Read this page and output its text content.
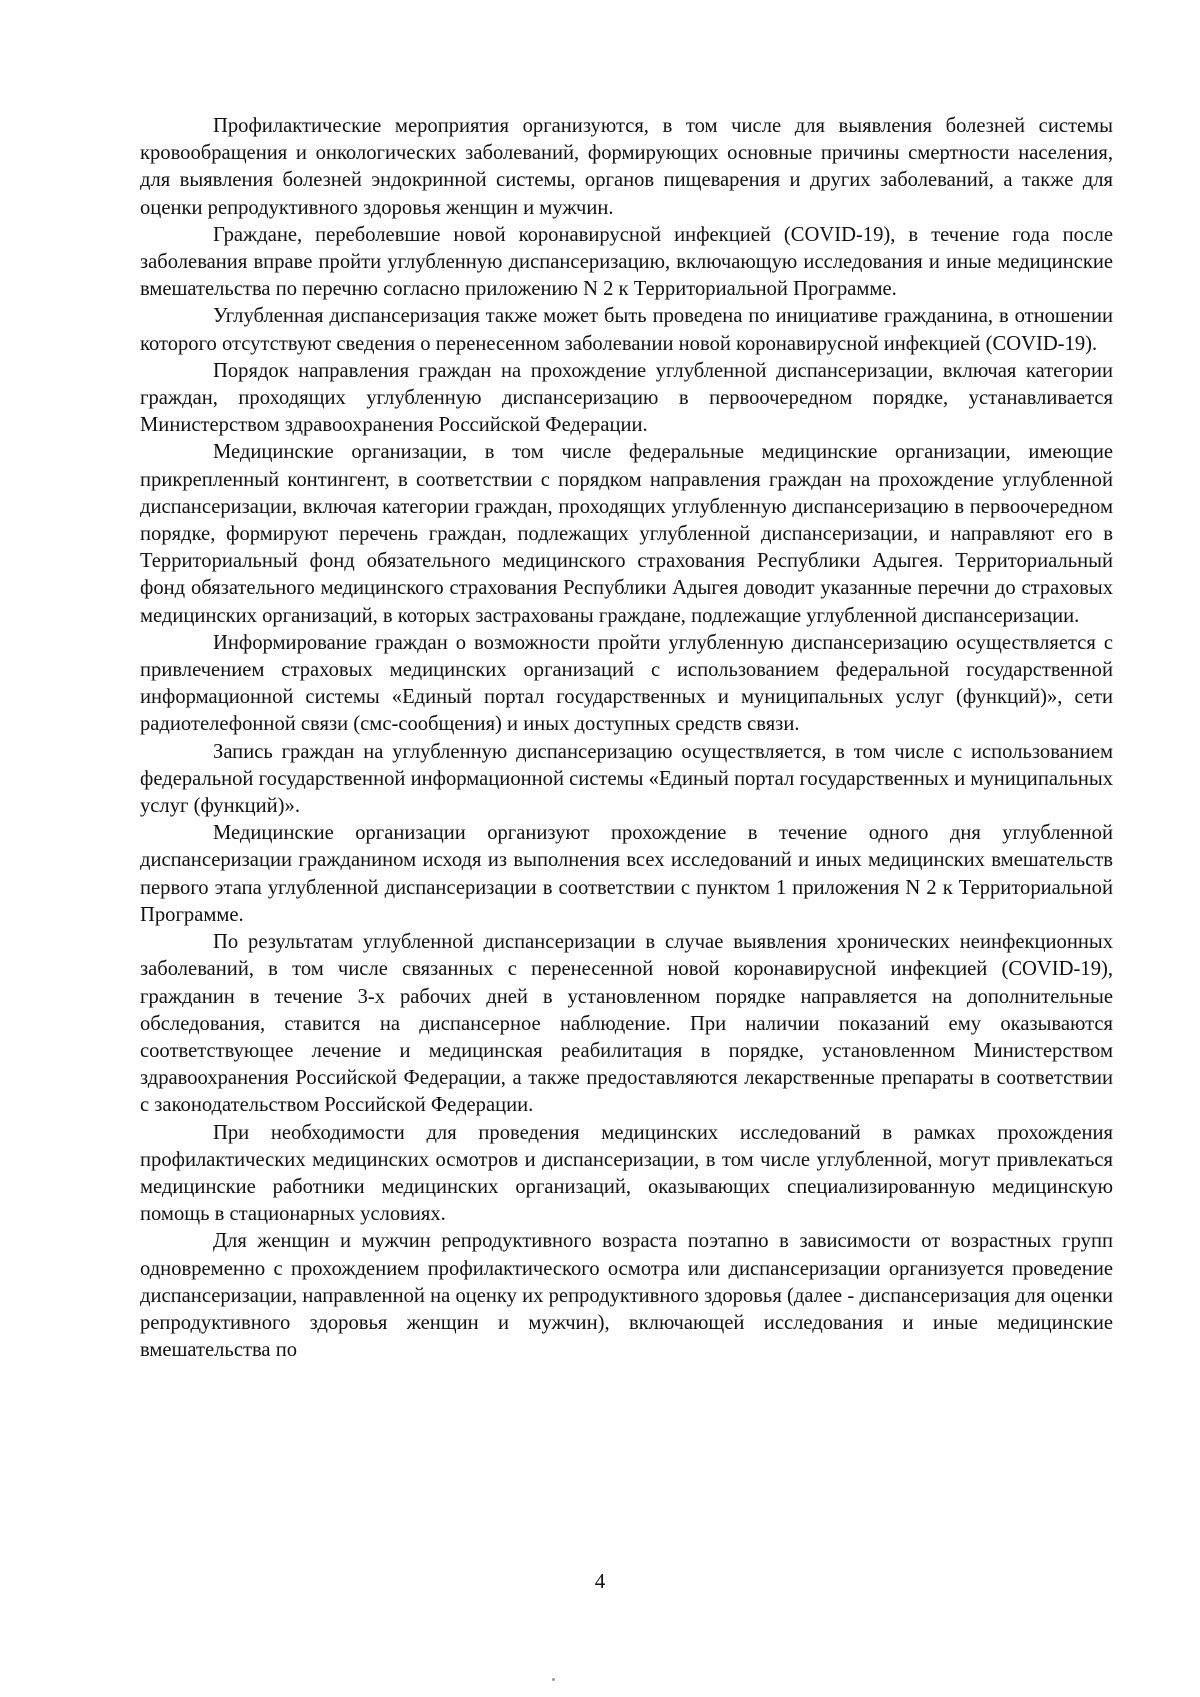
Профилактические мероприятия организуются, в том числе для выявления болезней системы кровообращения и онкологических заболеваний, формирующих основные причины смертности населения, для выявления болезней эндокринной системы, органов пищеварения и других заболеваний, а также для оценки репродуктивного здоровья женщин и мужчин.

Граждане, переболевшие новой коронавирусной инфекцией (COVID-19), в течение года после заболевания вправе пройти углубленную диспансеризацию, включающую исследования и иные медицинские вмешательства по перечню согласно приложению N 2 к Территориальной Программе.

Углубленная диспансеризация также может быть проведена по инициативе гражданина, в отношении которого отсутствуют сведения о перенесенном заболевании новой коронавирусной инфекцией (COVID-19).

Порядок направления граждан на прохождение углубленной диспансеризации, включая категории граждан, проходящих углубленную диспансеризацию в первоочередном порядке, устанавливается Министерством здравоохранения Российской Федерации.

Медицинские организации, в том числе федеральные медицинские организации, имеющие прикрепленный контингент, в соответствии с порядком направления граждан на прохождение углубленной диспансеризации, включая категории граждан, проходящих углубленную диспансеризацию в первоочередном порядке, формируют перечень граждан, подлежащих углубленной диспансеризации, и направляют его в Территориальный фонд обязательного медицинского страхования Республики Адыгея. Территориальный фонд обязательного медицинского страхования Республики Адыгея доводит указанные перечни до страховых медицинских организаций, в которых застрахованы граждане, подлежащие углубленной диспансеризации.

Информирование граждан о возможности пройти углубленную диспансеризацию осуществляется с привлечением страховых медицинских организаций с использованием федеральной государственной информационной системы «Единый портал государственных и муниципальных услуг (функций)», сети радиотелефонной связи (смс-сообщения) и иных доступных средств связи.

Запись граждан на углубленную диспансеризацию осуществляется, в том числе с использованием федеральной государственной информационной системы «Единый портал государственных и муниципальных услуг (функций)».

Медицинские организации организуют прохождение в течение одного дня углубленной диспансеризации гражданином исходя из выполнения всех исследований и иных медицинских вмешательств первого этапа углубленной диспансеризации в соответствии с пунктом 1 приложения N 2 к Территориальной Программе.

По результатам углубленной диспансеризации в случае выявления хронических неинфекционных заболеваний, в том числе связанных с перенесенной новой коронавирусной инфекцией (COVID-19), гражданин в течение 3-х рабочих дней в установленном порядке направляется на дополнительные обследования, ставится на диспансерное наблюдение. При наличии показаний ему оказываются соответствующее лечение и медицинская реабилитация в порядке, установленном Министерством здравоохранения Российской Федерации, а также предоставляются лекарственные препараты в соответствии с законодательством Российской Федерации.

При необходимости для проведения медицинских исследований в рамках прохождения профилактических медицинских осмотров и диспансеризации, в том числе углубленной, могут привлекаться медицинские работники медицинских организаций, оказывающих специализированную медицинскую помощь в стационарных условиях.

Для женщин и мужчин репродуктивного возраста поэтапно в зависимости от возрастных групп одновременно с прохождением профилактического осмотра или диспансеризации организуется проведение диспансеризации, направленной на оценку их репродуктивного здоровья (далее - диспансеризация для оценки репродуктивного здоровья женщин и мужчин), включающей исследования и иные медицинские вмешательства по

4
